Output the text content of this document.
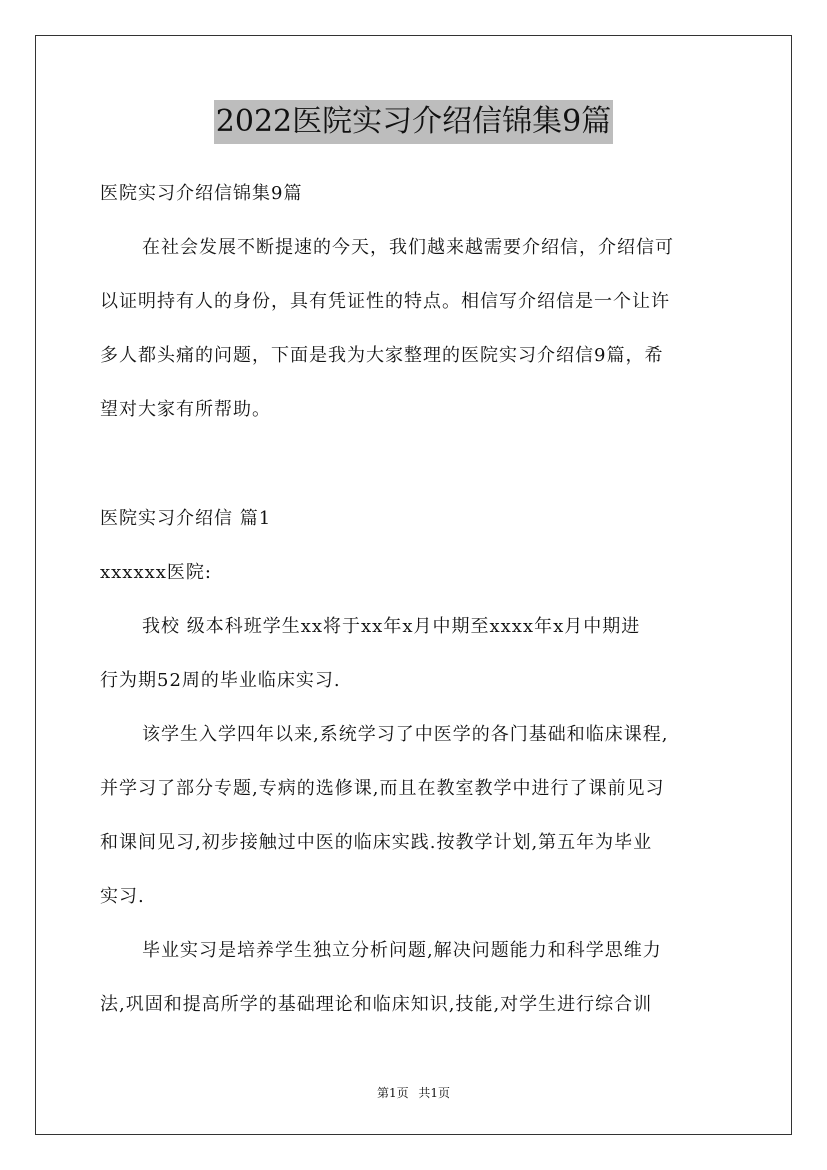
2022医院实习介绍信锦集9篇
医院实习介绍信锦集9篇
在社会发展不断提速的今天，我们越来越需要介绍信，介绍信可
以证明持有人的身份，具有凭证性的特点。相信写介绍信是一个让许
多人都头痛的问题，下面是我为大家整理的医院实习介绍信9篇，希
望对大家有所帮助。
医院实习介绍信 篇1
xxxxxx医院:
我校 级本科班学生xx将于xx年x月中期至xxxx年x月中期进
行为期52周的毕业临床实习.
该学生入学四年以来,系统学习了中医学的各门基础和临床课程,
并学习了部分专题,专病的选修课,而且在教室教学中进行了课前见习
和课间见习,初步接触过中医的临床实践.按教学计划,第五年为毕业
实习.
毕业实习是培养学生独立分析问题,解决问题能力和科学思维力
法,巩固和提高所学的基础理论和临床知识,技能,对学生进行综合训
第1页 共1页
